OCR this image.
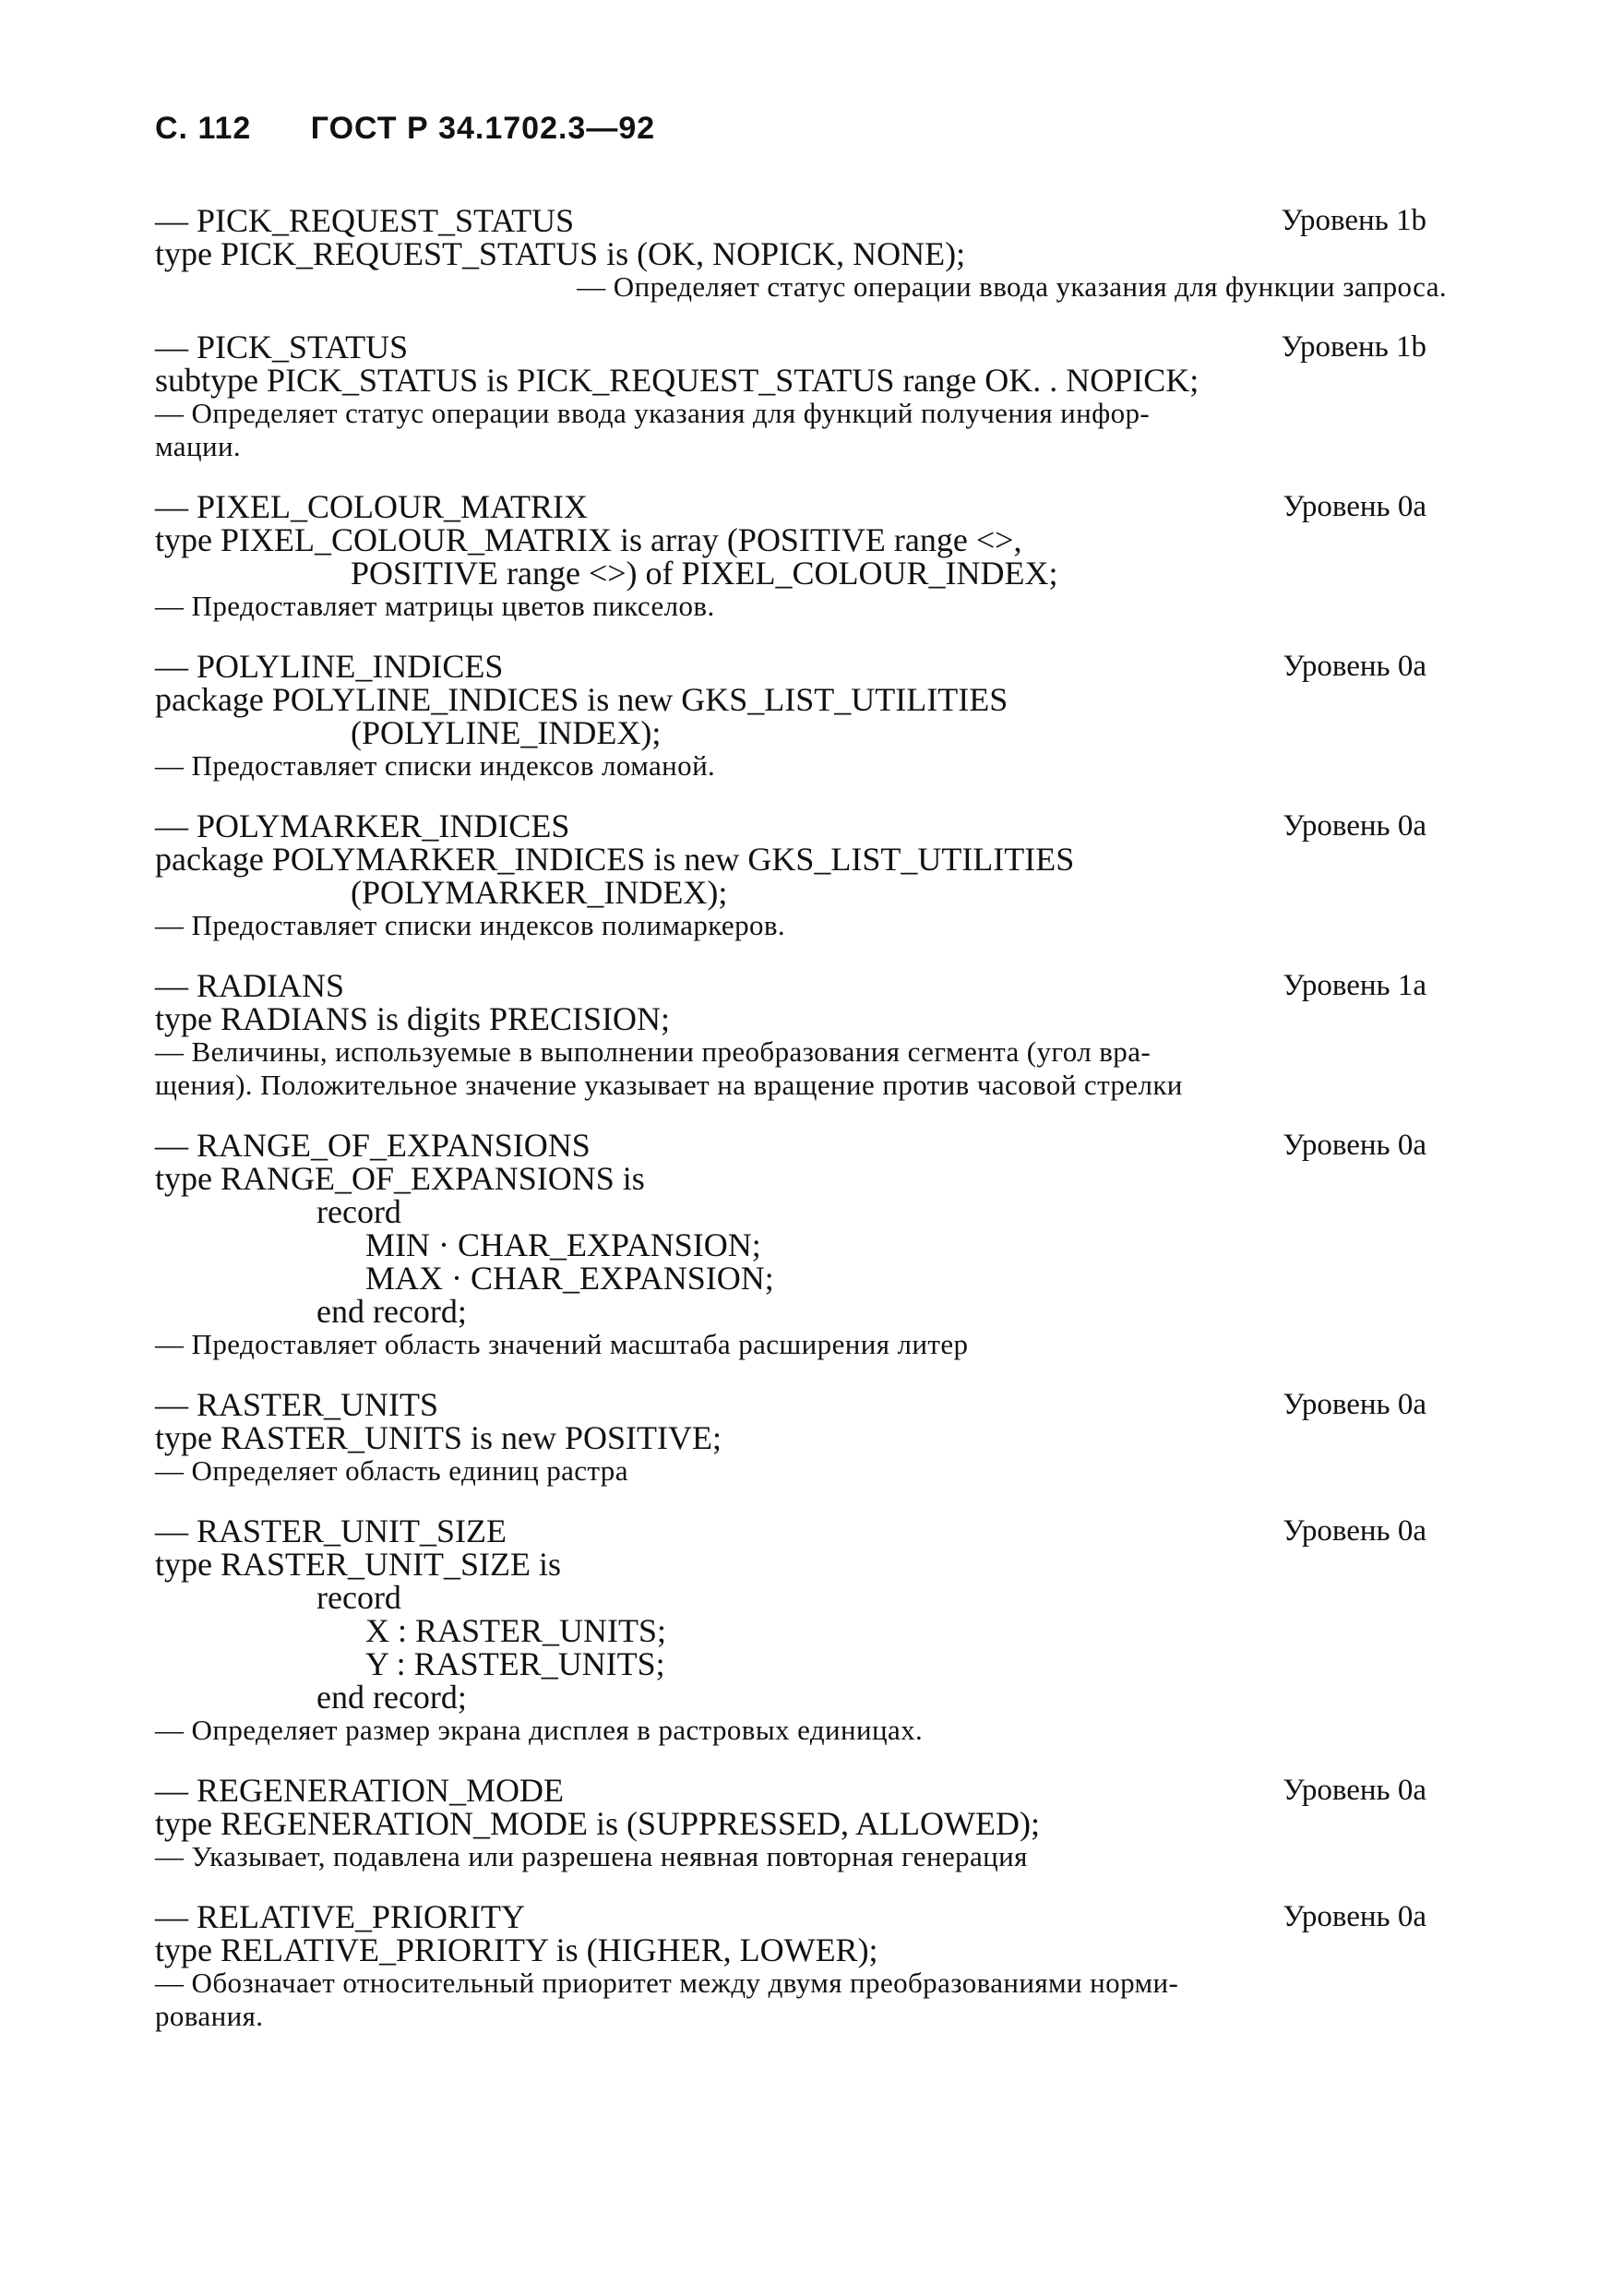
С. 112 ГОСТ Р 34.1702.3—92
— PICK_REQUEST_STATUS	Уровень 1b
type PICK_REQUEST_STATUS is (OK, NOPICK, NONE);
— Определяет статус операции ввода указания для функции запроса.
— PICK_STATUS	Уровень 1b
subtype PICK_STATUS is PICK_REQUEST_STATUS range OK. . NOPICK;
— Определяет статус операции ввода указания для функций получения инфор-
мации.
— PIXEL_COLOUR_MATRIX	Уровень 0a
type PIXEL_COLOUR_MATRIX is array (POSITIVE range <>,
POSITIVE range <>) of PIXEL_COLOUR_INDEX;
— Предоставляет матрицы цветов пикселов.
— POLYLINE_INDICES	Уровень 0a
package POLYLINE_INDICES is new GKS_LIST_UTILITIES
(POLYLINE_INDEX);
— Предоставляет списки индексов ломаной.
— POLYMARKER_INDICES	Уровень 0a
package POLYMARKER_INDICES is new GKS_LIST_UTILITIES
(POLYMARKER_INDEX);
— Предоставляет списки индексов полимаркеров.
— RADIANS	Уровень 1a
type RADIANS is digits PRECISION;
— Величины, используемые в выполнении преобразования сегмента (угол вра-
щения). Положительное значение указывает на вращение против часовой стрелки
— RANGE_OF_EXPANSIONS	Уровень 0a
type RANGE_OF_EXPANSIONS is
record
MIN · CHAR_EXPANSION;
MAX · CHAR_EXPANSION;
end record;
— Предоставляет область значений масштаба расширения литер
— RASTER_UNITS	Уровень 0a
type RASTER_UNITS is new POSITIVE;
— Определяет область единиц растра
— RASTER_UNIT_SIZE	Уровень 0a
type RASTER_UNIT_SIZE is
record
X : RASTER_UNITS;
Y : RASTER_UNITS;
end record;
— Определяет размер экрана дисплея в растровых единицах.
— REGENERATION_MODE	Уровень 0a
type REGENERATION_MODE is (SUPPRESSED, ALLOWED);
— Указывает, подавлена или разрешена неявная повторная генерация
— RELATIVE_PRIORITY	Уровень 0a
type RELATIVE_PRIORITY is (HIGHER, LOWER);
— Обозначает относительный приоритет между двумя преобразованиями норми-
рования.
